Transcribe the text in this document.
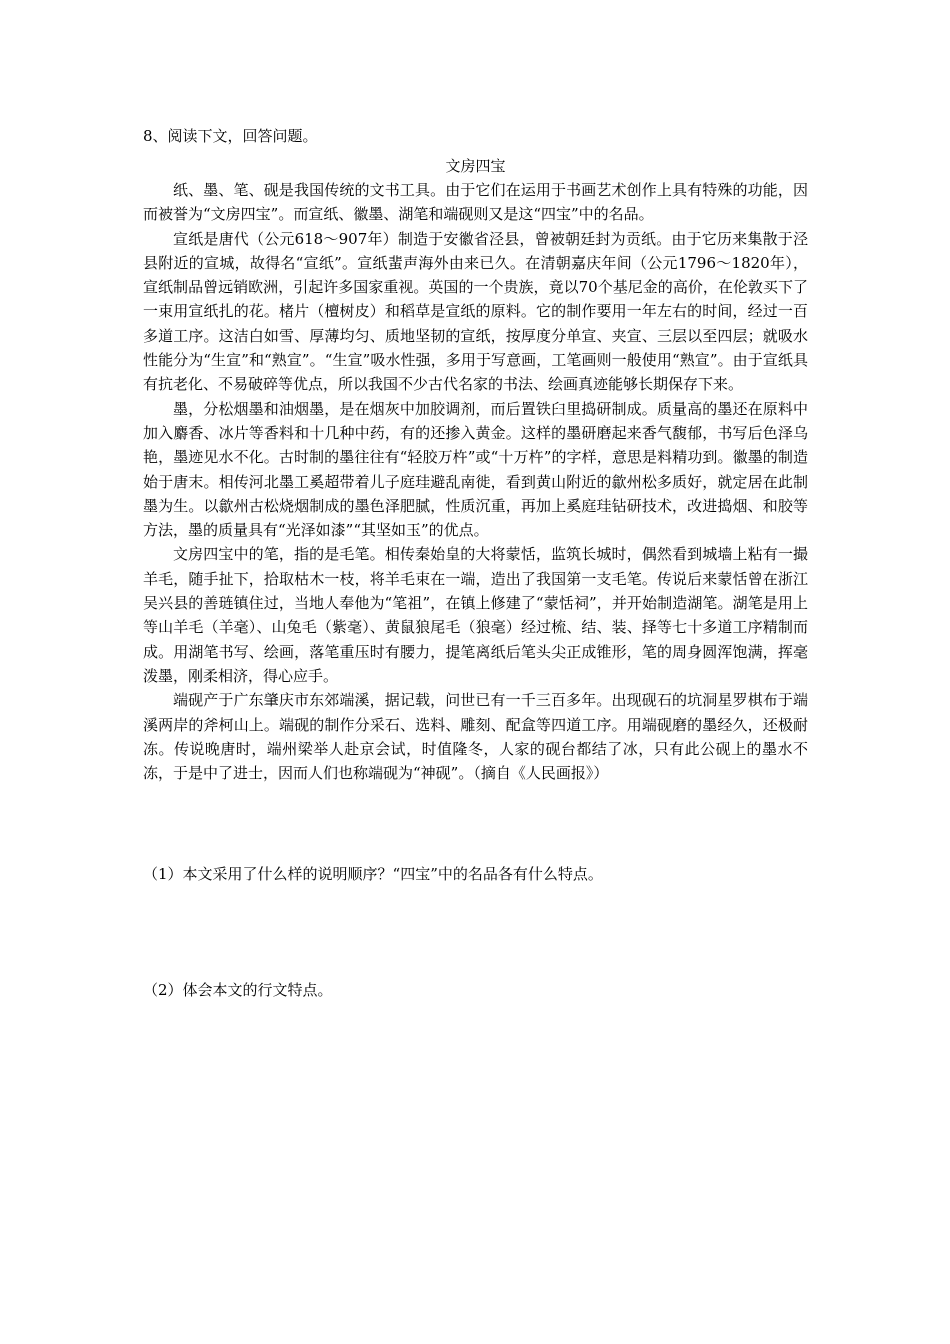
8、阅读下文，回答问题。

文房四宝

纸、墨、笔、砚是我国传统的文书工具。由于它们在运用于书画艺术创作上具有特殊的功能，因而被誉为“文房四宝”。而宣纸、徽墨、湖笔和端砚则又是这“四宝”中的名品。

宣纸是唐代（公元618～907年）制造于安徽省泾县，曾被朝廷封为贡纸。由于它历来集散于泾县附近的宣城，故得名“宣纸”。宣纸蜚声海外由来已久。在清朝嘉庆年间（公元1796～1820年），宣纸制品曾远销欧洲，引起许多国家重视。英国的一个贵族，竟以70个基尼金的高价，在伦敦买下了一束用宣纸扎的花。楮片（檀树皮）和稻草是宣纸的原料。它的制作要用一年左右的时间，经过一百多道工序。这洁白如雪、厚薄均匀、质地坚韧的宣纸，按厚度分单宣、夹宣、三层以至四层；就吸水性能分为“生宣”和“熟宣”。“生宣”吸水性强，多用于写意画，工笔画则一般使用“熟宣”。由于宣纸具有抗老化、不易破碎等优点，所以我国不少古代名家的书法、绘画真迹能够长期保存下来。

墨，分松烟墨和油烟墨，是在烟灰中加胶调剂，而后置铁臼里捣研制成。质量高的墨还在原料中加入麝香、冰片等香料和十几种中药，有的还掺入黄金。这样的墨研磨起来香气馥郁，书写后色泽乌艳，墨迹见水不化。古时制的墨往往有“轻胶万杵”或“十万杵”的字样，意思是料精功到。徽墨的制造始于唐末。相传河北墨工奚超带着儿子庭珪避乱南徙，看到黄山附近的歙州松多质好，就定居在此制墨为生。以歙州古松烧烟制成的墨色泽肥腻，性质沉重，再加上奚庭珪钻研技术，改进捣烟、和胶等方法，墨的质量具有“光泽如漆”“其坚如玉”的优点。

文房四宝中的笔，指的是毛笔。相传秦始皇的大将蒙恬，监筑长城时，偶然看到城墙上粘有一撮羊毛，随手扯下，拾取枯木一枝，将羊毛束在一端，造出了我国第一支毛笔。传说后来蒙恬曾在浙江吴兴县的善琏镇住过，当地人奉他为“笔祖”，在镇上修建了“蒙恬祠”，并开始制造湖笔。湖笔是用上等山羊毛（羊毫）、山兔毛（紫毫）、黄鼠狼尾毛（狼毫）经过梳、结、装、择等七十多道工序精制而成。用湖笔书写、绘画，落笔重压时有腰力，提笔离纸后笔头尖正成锥形，笔的周身圆浑饱满，挥毫泼墨，刚柔相济，得心应手。

端砚产于广东肇庆市东郊端溪，据记载，问世已有一千三百多年。出现砚石的坑洞星罗棋布于端溪两岸的斧柯山上。端砚的制作分采石、选料、雕刻、配盒等四道工序。用端砚磨的墨经久，还极耐冻。传说晚唐时，端州梁举人赴京会试，时值隆冬，人家的砚台都结了冰，只有此公砚上的墨水不冻，于是中了进士，因而人们也称端砚为“神砚”。（摘自《人民画报》）

（1）本文采用了什么样的说明顺序？“四宝”中的名品各有什么特点。

（2）体会本文的行文特点。
